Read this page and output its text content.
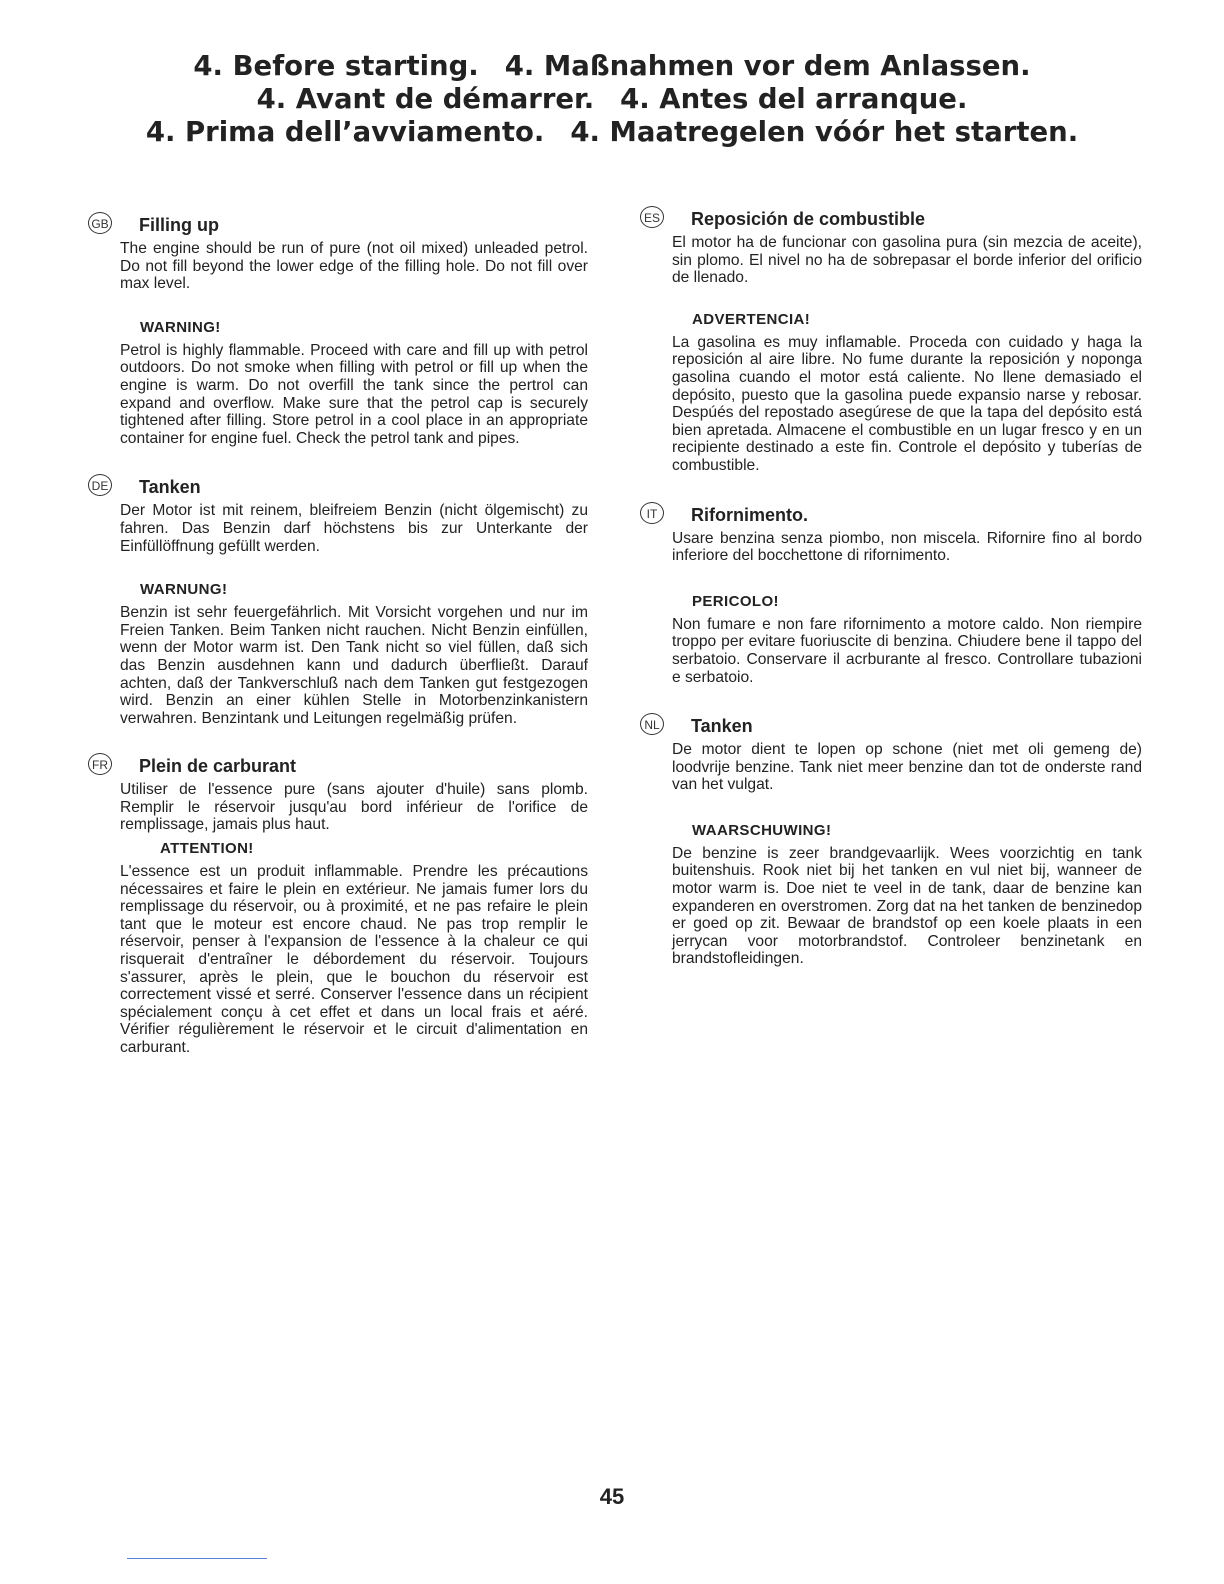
4. Before starting. 4. Maßnahmen vor dem Anlassen.
4. Avant de démarrer. 4. Antes del arranque.
4. Prima dell’avviamento. 4. Maatregelen vóór het starten.
GB Filling up

The engine should be run of pure (not oil mixed) unleaded petrol. Do not fill beyond the lower edge of the filling hole. Do not fill over max level.

WARNING!

Petrol is highly flammable. Proceed with care and fill up with petrol outdoors. Do not smoke when filling with petrol or fill up when the engine is warm. Do not overfill the tank since the pertrol can expand and overflow. Make sure that the petrol cap is securely tightened after filling. Store petrol in a cool place in an appropriate container for engine fuel. Check the petrol tank and pipes.

DE Tanken

Der Motor ist mit reinem, bleifreiem Benzin (nicht ölgemischt) zu fahren. Das Benzin darf höchstens bis zur Unterkante der Einfüllöffnung gefüllt werden.

WARNUNG!

Benzin ist sehr feuergefährlich. Mit Vorsicht vorgehen und nur im Freien Tanken. Beim Tanken nicht rauchen. Nicht Benzin einfüllen, wenn der Motor warm ist. Den Tank nicht so viel füllen, daß sich das Benzin ausdehnen kann und dadurch überfließt. Darauf achten, daß der Tankverschluß nach dem Tanken gut festgezogen wird. Benzin an einer kühlen Stelle in Motorbenzinkanistern verwahren. Benzintank und Leitungen regelmäßig prüfen.

FR Plein de carburant

Utiliser de l'essence pure (sans ajouter d'huile) sans plomb. Remplir le réservoir jusqu'au bord inférieur de l'orifice de remplissage, jamais plus haut.

ATTENTION!

L'essence est un produit inflammable. Prendre les précautions nécessaires et faire le plein en extérieur. Ne jamais fumer lors du remplissage du réservoir, ou à proximité, et ne pas refaire le plein tant que le moteur est encore chaud. Ne pas trop remplir le réservoir, penser à l'expansion de l'essence à la chaleur ce qui risquerait d'entraîner le débordement du réservoir. Toujours s'assurer, après le plein, que le bouchon du réservoir est correctement vissé et serré. Conserver l'essence dans un récipient spécialement conçu à cet effet et dans un local frais et aéré. Vérifier régulièrement le réservoir et le circuit d'alimentation en carburant.

ES Reposición de combustible

El motor ha de funcionar con gasolina pura (sin mezcia de aceite), sin plomo. El nivel no ha de sobrepasar el borde inferior del orificio de llenado.

ADVERTENCIA!

La gasolina es muy inflamable. Proceda con cuidado y haga la reposición al aire libre. No fume durante la reposición y noponga gasolina cuando el motor está caliente. No llene demasiado el depósito, puesto que la gasolina puede expansio narse y rebosar. Despúés del repostado asegúrese de que la tapa del depósito está bien apretada. Almacene el combustible en un lugar fresco y en un recipiente destinado a este fin. Controle el depósito y tuberías de combustible.

IT	Rifornimento.

Usare benzina senza piombo, non miscela. Rifornire fino al bordo inferiore del bocchettone di rifornimento.

PERICOLO!

Non fumare e non fare rifornimento a motore caldo. Non riempire troppo per evitare fuoriuscite di benzina. Chiudere bene il tappo del serbatoio. Conservare il acrburante al fresco. Controllare tubazioni e serbatoio.

NL Tanken

De motor dient te lopen op schone (niet met oli gemeng de) loodvrije benzine. Tank niet meer benzine dan tot de onderste rand van het vulgat.

WAARSCHUWING!

De benzine is zeer brandgevaarlijk. Wees voorzichtig en tank buitenshuis. Rook niet bij het tanken en vul niet bij, wanneer de motor warm is. Doe niet te veel in de tank, daar de benzine kan expanderen en overstromen. Zorg dat na het tanken de benzinedop er goed op zit. Bewaar de brandstof op een koele plaats in een jerrycan voor motorbrandstof. Controleer benzinetank en brandstofleidingen.

45
